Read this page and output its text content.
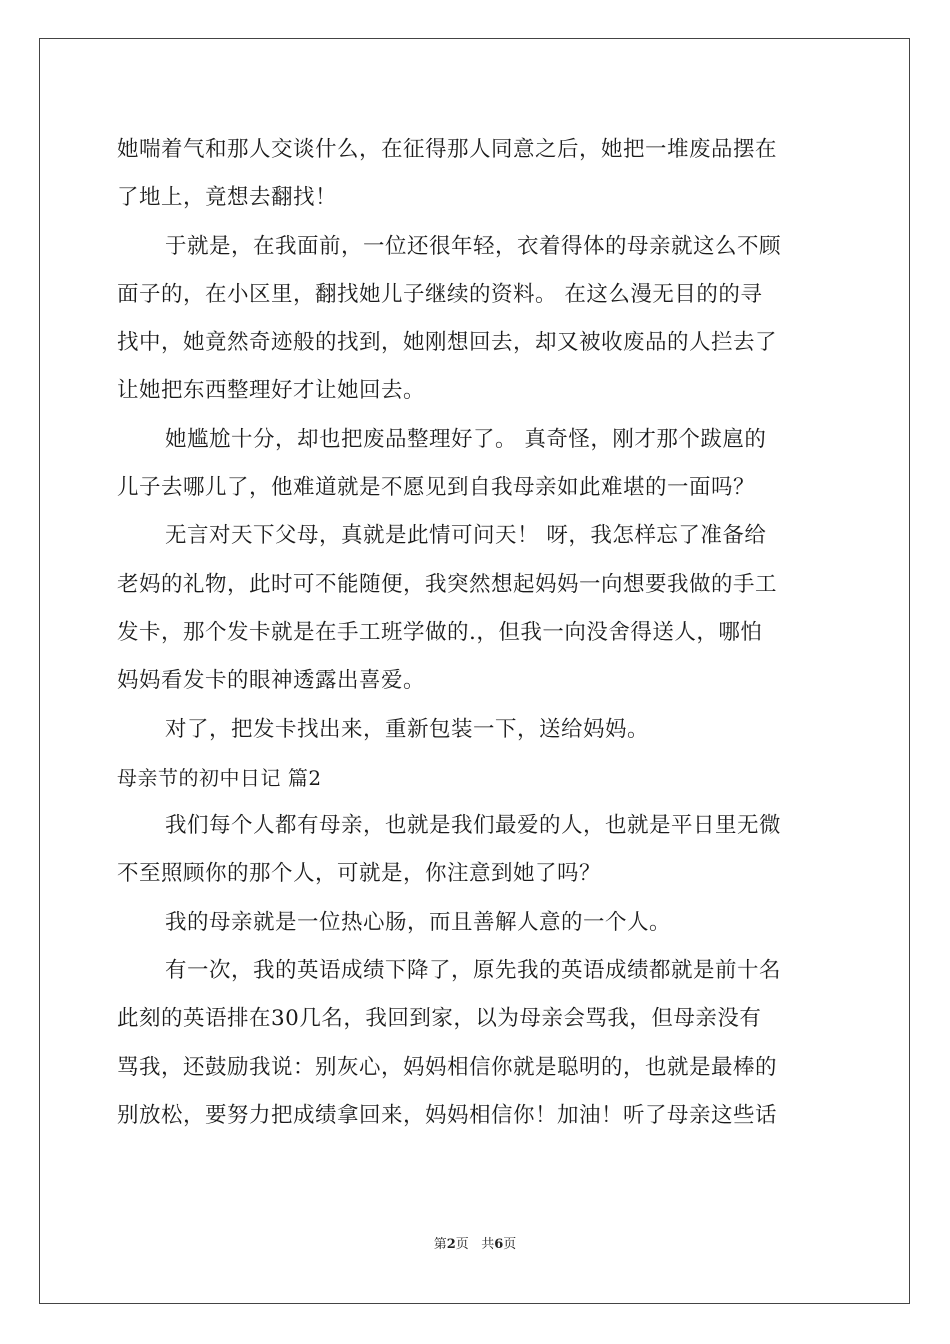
她喘着气和那人交谈什么，在征得那人同意之后，她把一堆废品摆在
了地上，竟想去翻找！
于就是，在我面前，一位还很年轻，衣着得体的母亲就这么不顾
面子的，在小区里，翻找她儿子继续的资料。 在这么漫无目的的寻
找中，她竟然奇迹般的找到，她刚想回去，却又被收废品的人拦去了
让她把东西整理好才让她回去。
她尴尬十分，却也把废品整理好了。 真奇怪，刚才那个跋扈的
儿子去哪儿了，他难道就是不愿见到自我母亲如此难堪的一面吗？
无言对天下父母，真就是此情可问天！ 呀，我怎样忘了准备给
老妈的礼物，此时可不能随便，我突然想起妈妈一向想要我做的手工
发卡，那个发卡就是在手工班学做的.，但我一向没舍得送人，哪怕
妈妈看发卡的眼神透露出喜爱。
对了，把发卡找出来，重新包装一下，送给妈妈。
母亲节的初中日记 篇2
我们每个人都有母亲，也就是我们最爱的人，也就是平日里无微
不至照顾你的那个人，可就是，你注意到她了吗？
我的母亲就是一位热心肠，而且善解人意的一个人。
有一次，我的英语成绩下降了，原先我的英语成绩都就是前十名
此刻的英语排在30几名，我回到家，以为母亲会骂我，但母亲没有
骂我，还鼓励我说：别灰心，妈妈相信你就是聪明的，也就是最棒的
别放松，要努力把成绩拿回来，妈妈相信你！加油！听了母亲这些话
第2页 共6页
